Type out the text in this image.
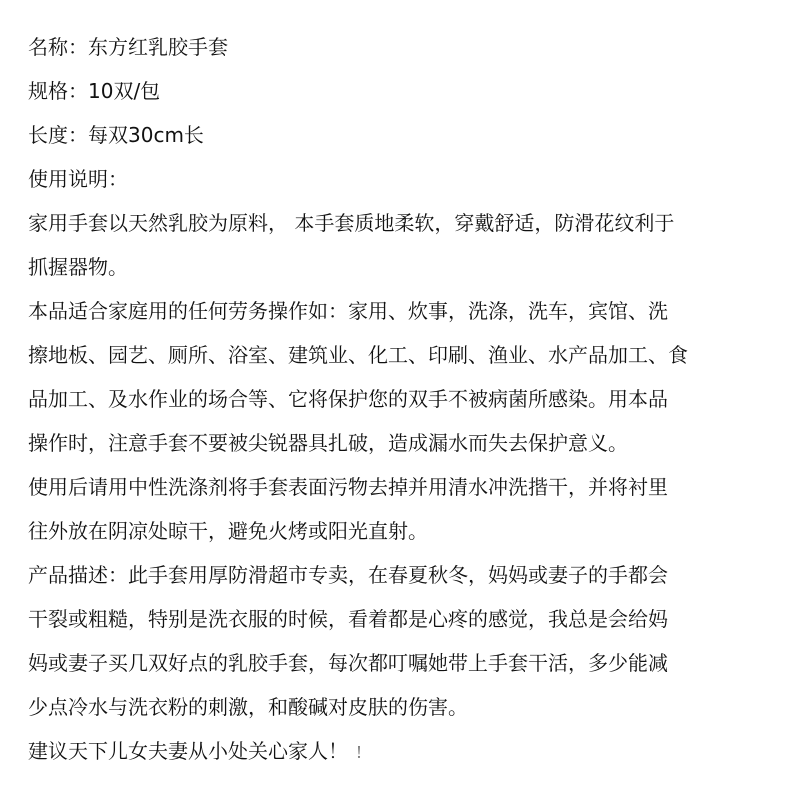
名称：东方红乳胶手套

规格：10双/包

长度：每双30cm长

使用说明：

家用手套以天然乳胶为原料， 本手套质地柔软，穿戴舒适，防滑花纹利于

抓握器物。

本品适合家庭用的任何劳务操作如：家用、炊事，洗涤，洗车，宾馆、洗

擦地板、园艺、厕所、浴室、建筑业、化工、印刷、渔业、水产品加工、食

品加工、及水作业的场合等、它将保护您的双手不被病菌所感染。用本品

操作时，注意手套不要被尖锐器具扎破，造成漏水而失去保护意义。

使用后请用中性洗涤剂将手套表面污物去掉并用清水冲洗揩干，并将衬里

往外放在阴凉处晾干，避免火烤或阳光直射。

产品描述：此手套用厚防滑超市专卖，在春夏秋冬，妈妈或妻子的手都会

干裂或粗糙，特别是洗衣服的时候，看着都是心疼的感觉，我总是会给妈

妈或妻子买几双好点的乳胶手套，每次都叮嘱她带上手套干活，多少能减

少点冷水与洗衣粉的刺激，和酸碱对皮肤的伤害。

建议天下儿女夫妻从小处关心家人！ !
